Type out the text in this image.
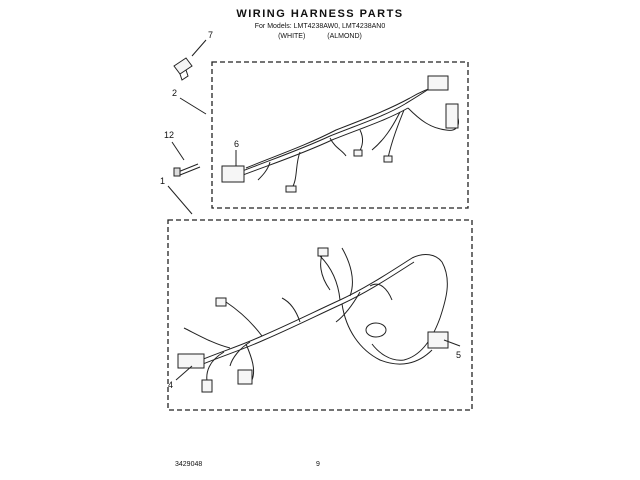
WIRING HARNESS PARTS
For Models: LMT4238AW0, LMT4238AN0
(WHITE)	(ALMOND)
7
2
12
1
6
4
5
3429048	9
